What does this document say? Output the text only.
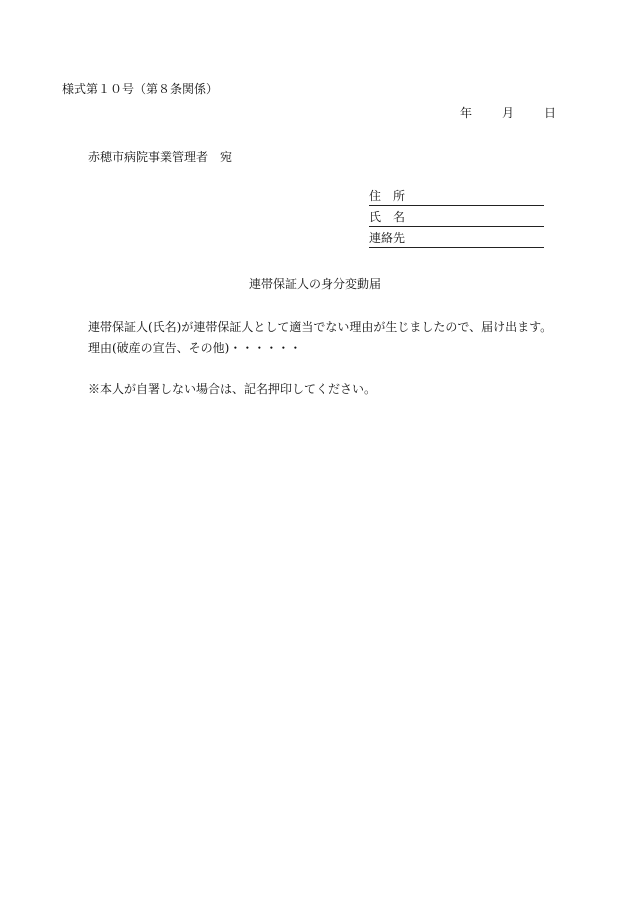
様式第１０号（第８条関係）
年	月	日
赤穂市病院事業管理者　宛
住　所
氏　名
連絡先
連帯保証人の身分変動届
連帯保証人(氏名)が連帯保証人として適当でない理由が生じましたので、届け出ます。
理由(破産の宣告、その他)・・・・・・
※本人が自署しない場合は、記名押印してください。
